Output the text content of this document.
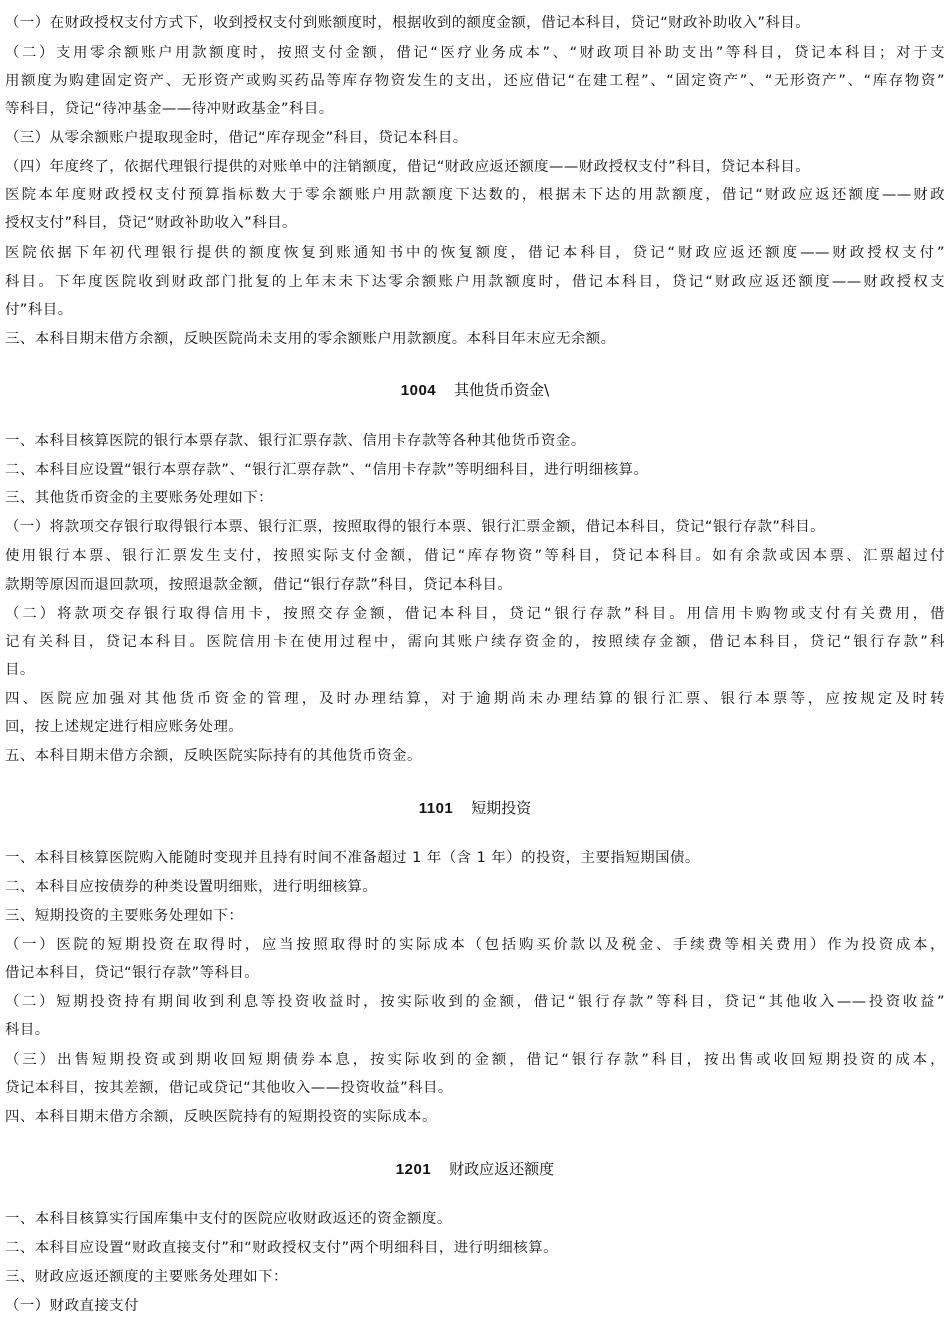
（一）在财政授权支付方式下，收到授权支付到账额度时，根据收到的额度金额，借记本科目，贷记“财政补助收入”科目。
（二）支用零余额账户用款额度时，按照支付金额，借记“医疗业务成本”、“财政项目补助支出”等科目，贷记本科目；对于支
用额度为购建固定资产、无形资产或购买药品等库存物资发生的支出，还应借记“在建工程”、“固定资产”、“无形资产”、“库存物资”
等科目，贷记“待冲基金——待冲财政基金”科目。
（三）从零余额账户提取现金时，借记“库存现金”科目，贷记本科目。
（四）年度终了，依据代理银行提供的对账单中的注销额度，借记“财政应返还额度——财政授权支付”科目，贷记本科目。
医院本年度财政授权支付预算指标数大于零余额账户用款额度下达数的，根据未下达的用款额度，借记“财政应返还额度——财政
授权支付”科目，贷记“财政补助收入”科目。
医院依据下年初代理银行提供的额度恢复到账通知书中的恢复额度，借记本科目，贷记“财政应返还额度——财政授权支付”
科目。下年度医院收到财政部门批复的上年末未下达零余额账户用款额度时，借记本科目，贷记“财政应返还额度——财政授权支
付”科目。
三、本科目期末借方余额，反映医院尚未支用的零余额账户用款额度。本科目年末应无余额。
1004 其他货币资金\
一、本科目核算医院的银行本票存款、银行汇票存款、信用卡存款等各种其他货币资金。
二、本科目应设置“银行本票存款”、“银行汇票存款”、“信用卡存款”等明细科目，进行明细核算。
三、其他货币资金的主要账务处理如下：
（一）将款项交存银行取得银行本票、银行汇票，按照取得的银行本票、银行汇票金额，借记本科目，贷记“银行存款”科目。
使用银行本票、银行汇票发生支付，按照实际支付金额，借记“库存物资”等科目，贷记本科目。如有余款或因本票、汇票超过付
款期等原因而退回款项，按照退款金额，借记“银行存款”科目，贷记本科目。
（二）将款项交存银行取得信用卡，按照交存金额，借记本科目，贷记“银行存款”科目。用信用卡购物或支付有关费用，借
记有关科目，贷记本科目。医院信用卡在使用过程中，需向其账户续存资金的，按照续存金额，借记本科目，贷记“银行存款”科
目。
四、医院应加强对其他货币资金的管理，及时办理结算，对于逾期尚未办理结算的银行汇票、银行本票等，应按规定及时转
回，按上述规定进行相应账务处理。
五、本科目期末借方余额，反映医院实际持有的其他货币资金。
1101 短期投资
一、本科目核算医院购入能随时变现并且持有时间不准备超过 1 年（含 1 年）的投资，主要指短期国债。
二、本科目应按债券的种类设置明细账，进行明细核算。
三、短期投资的主要账务处理如下：
（一）医院的短期投资在取得时，应当按照取得时的实际成本（包括购买价款以及税金、手续费等相关费用）作为投资成本，
借记本科目，贷记“银行存款”等科目。
（二）短期投资持有期间收到利息等投资收益时，按实际收到的金额，借记“银行存款”等科目，贷记“其他收入——投资收益”
科目。
（三）出售短期投资或到期收回短期债券本息，按实际收到的金额，借记“银行存款”科目，按出售或收回短期投资的成本，
贷记本科目，按其差额，借记或贷记“其他收入——投资收益”科目。
四、本科目期末借方余额，反映医院持有的短期投资的实际成本。
1201 财政应返还额度
一、本科目核算实行国库集中支付的医院应收财政返还的资金额度。
二、本科目应设置“财政直接支付”和“财政授权支付”两个明细科目，进行明细核算。
三、财政应返还额度的主要账务处理如下：
（一）财政直接支付
